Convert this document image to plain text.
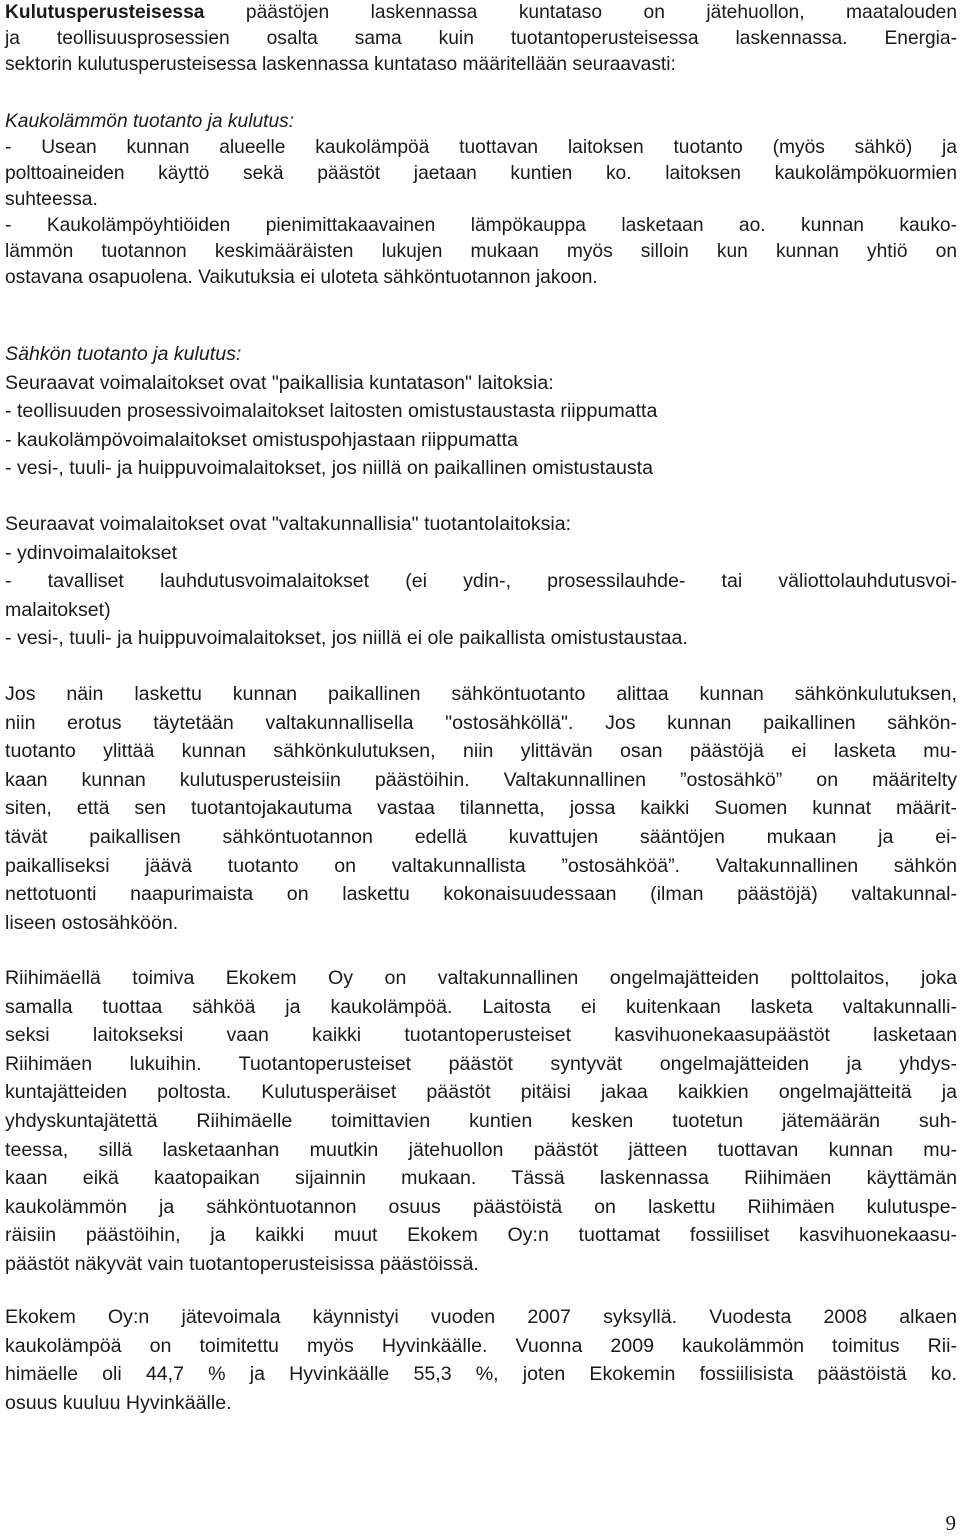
Kulutusperusteisessa päästöjen laskennassa kuntataso on jätehuollon, maatalouden
ja teollisuusprosessien osalta sama kuin tuotantoperusteisessa laskennassa. Energia-
sektorin kulutusperusteisessa laskennassa kuntataso määritellään seuraavasti:
Kaukolämmön tuotanto ja kulutus:
- Usean kunnan alueelle kaukolämpöä tuottavan laitoksen tuotanto (myös sähkö) ja
polttoaineiden käyttö sekä päästöt jaetaan kuntien ko. laitoksen kaukolämpökuormien
suhteessa.
- Kaukolämpöyhtiöiden pienimittakaavainen lämpökauppa lasketaan ao. kunnan kauko-
lämmön tuotannon keskimääräisten lukujen mukaan myös silloin kun kunnan yhtiö on
ostavana osapuolena. Vaikutuksia ei uloteta sähköntuotannon jakoon.
Sähkön tuotanto ja kulutus:
Seuraavat voimalaitokset ovat "paikallisia kuntatason" laitoksia:
- teollisuuden prosessivoimalaitokset laitosten omistustaustasta riippumatta
- kaukolämpövoimalaitokset omistuspohjastaan riippumatta
- vesi-, tuuli- ja huippuvoimalaitokset, jos niillä on paikallinen omistustausta
Seuraavat voimalaitokset ovat "valtakunnallisia" tuotantolaitoksia:
- ydinvoimalaitokset
- tavalliset lauhdutusvoimalaitokset (ei ydin-, prosessilauhde- tai väliottolauhdutusvoi-
malaitokset)
- vesi-, tuuli- ja huippuvoimalaitokset, jos niillä ei ole paikallista omistustaustaa.
Jos näin laskettu kunnan paikallinen sähköntuotanto alittaa kunnan sähkönkulutuksen,
niin erotus täytetään valtakunnallisella "ostosähköllä". Jos kunnan paikallinen sähkön-
tuotanto ylittää kunnan sähkönkulutuksen, niin ylittävän osan päästöjä ei lasketa mu-
kaan kunnan kulutusperusteisiin päästöihin. Valtakunnallinen ”ostosähkö” on määritelty
siten, että sen tuotantojakautuma vastaa tilannetta, jossa kaikki Suomen kunnat määrit-
tävät paikallisen sähköntuotannon edellä kuvattujen sääntöjen mukaan ja ei-
paikalliseksi jäävä tuotanto on valtakunnallista ”ostosähköä”. Valtakunnallinen sähkön
nettotuonti naapurimaista on laskettu kokonaisuudessaan (ilman päästöjä) valtakunnal-
liseen ostosähköön.
Riihimäellä toimiva Ekokem Oy on valtakunnallinen ongelmajätteiden polttolaitos, joka
samalla tuottaa sähköä ja kaukolämpöä. Laitosta ei kuitenkaan lasketa valtakunnalli-
seksi laitokseksi vaan kaikki tuotantoperusteiset kasvihuonekaasupäästöt lasketaan
Riihimäen lukuihin. Tuotantoperusteiset päästöt syntyvät ongelmajätteiden ja yhdys-
kuntajätteiden poltosta. Kulutusperäiset päästöt pitäisi jakaa kaikkien ongelmajätteitä ja
yhdyskuntajätettä Riihimäelle toimittavien kuntien kesken tuotetun jätemäärän suh-
teessa, sillä lasketaanhan muutkin jätehuollon päästöt jätteen tuottavan kunnan mu-
kaan eikä kaatopaikan sijainnin mukaan. Tässä laskennassa Riihimäen käyttämän
kaukolämmön ja sähköntuotannon osuus päästöistä on laskettu Riihimäen kulutuspe-
räisiin päästöihin, ja kaikki muut Ekokem Oy:n tuottamat fossiiliset kasvihuonekaasu-
päästöt näkyvät vain tuotantoperusteisissa päästöissä.
Ekokem Oy:n jätevoimala käynnistyi vuoden 2007 syksyllä. Vuodesta 2008 alkaen
kaukolämpöä on toimitettu myös Hyvinkäälle. Vuonna 2009 kaukolämmön toimitus Rii-
himäelle oli 44,7 % ja Hyvinkäälle 55,3 %, joten Ekokemin fossiilisista päästöistä ko.
osuus kuuluu Hyvinkäälle.
9
